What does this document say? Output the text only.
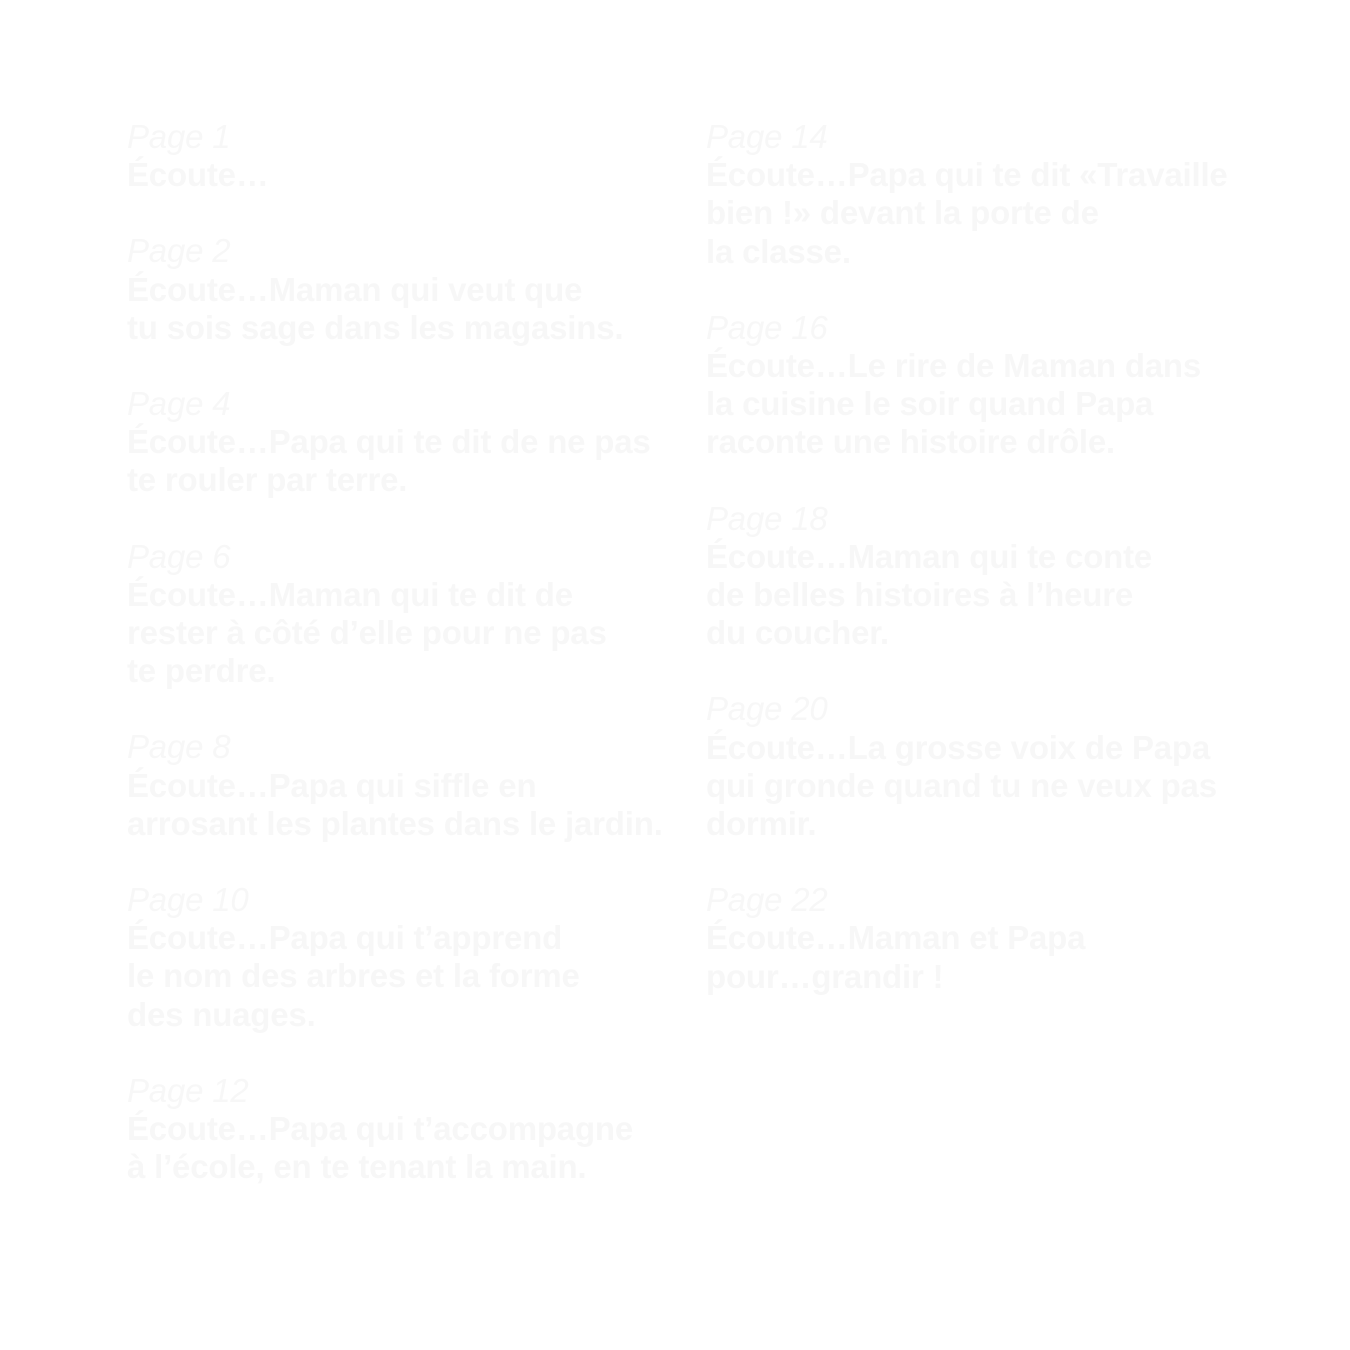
Page 1
Écoute…
Page 2
Écoute…Maman qui veut que
tu sois sage dans les magasins.
Page 4
Écoute…Papa qui te dit de ne pas
te rouler par terre.
Page 6
Écoute…Maman qui te dit de
rester à côté d’elle pour ne pas
te perdre.
Page 8
Écoute…Papa qui siffle en
arrosant les plantes dans le jardin.
Page 10
Écoute…Papa qui t’apprend
le nom des arbres et la forme
des nuages.
Page 12
Écoute…Papa qui t’accompagne
à l’école, en te tenant la main.
Page 14
Écoute…Papa qui te dit «Travaille
bien !» devant la porte de
la classe.
Page 16
Écoute…Le rire de Maman dans
la cuisine le soir quand Papa
raconte une histoire drôle.
Page 18
Écoute…Maman qui te conte
de belles histoires à l’heure
du coucher.
Page 20
Écoute…La grosse voix de Papa
qui gronde quand tu ne veux pas
dormir.
Page 22
Écoute…Maman et Papa
pour…grandir !
